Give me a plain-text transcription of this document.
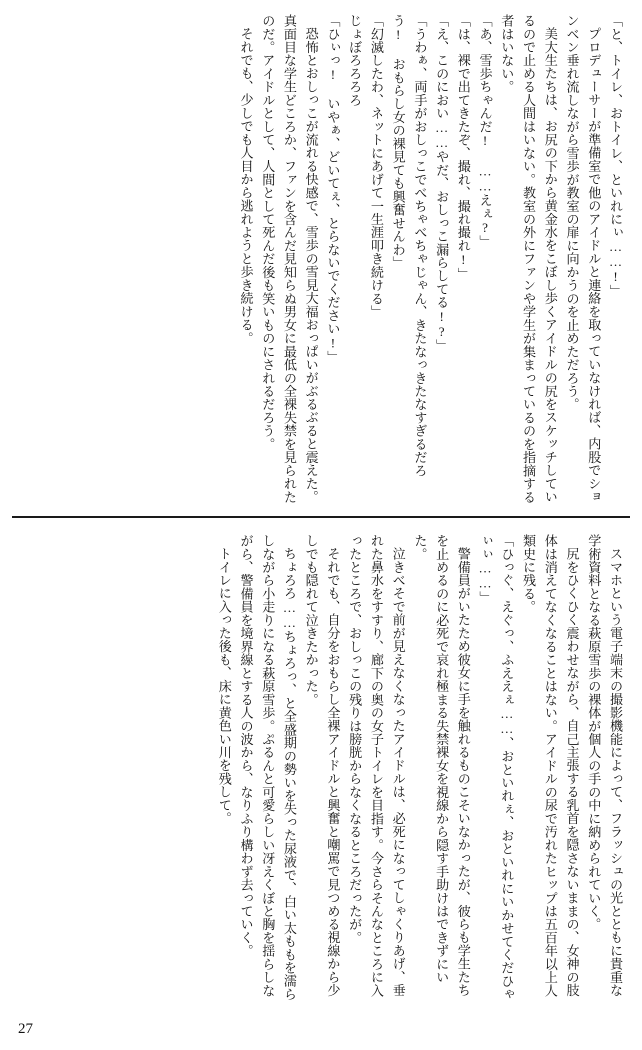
「と、トイレ、おトイレ、といれにぃ……!」

プロデューサーが準備室で他のアイドルと連絡を取っていなければ、内股でションベン垂れ流しながら雪歩が教室の扉に向かうのを止めただろう。

美大生たちは、お尻の下から黄金水をこぼし歩くアイドルの尻をスケッチしているので止める人間はいない。教室の外にファンや学生が集まっているのを指摘する者はいない。

「あ、雪歩ちゃんだ! ……えぇ?」

「は、裸で出てきたぞ、撮れ、撮れ撮れ!」

「え、このにおい……やだ、おしっこ漏らしてる!?」

「うわぁ、両手がおしっこでべちゃべちゃじゃん、きたなっきたなすぎるだろう! おもらし女の裸見ても興奮せんわ」

「幻滅したわ、ネットにあげて一生涯叩き続ける」

じょぼろろろろ

「ひぃっ! いやぁ、どいてぇ、とらないでください!」

恐怖とおしっこが流れる快感で、雪歩の雪見大福おっぱいがぶるぶると震えた。真面目な学生どころか、ファンを含んだ見知らぬ男女に最低の全裸失禁を見られたのだ。アイドルとして、人間として死んだ後も笑いものにされるだろう。

それでも、少しでも人目から逃れようと歩き続ける。

スマホという電子端末の撮影機能によって、フラッシュの光とともに貴重な学術資料となる萩原雪歩の裸体が個人の手の中に納められていく。

尻をひくひく震わせながら、自己主張する乳首を隠さないままの、女神の肢体は消えてなくなることはない。アイドルの尿で汚れたヒップは五百年以上人類史に残る。

「ひっぐ、えぐっ、ふええぇ……、おといれぇ、おといれにいかせてくだひゃぃぃ……」

警備員がいたため彼女に手を触れるものこそいなかったが、彼らも学生たちを止めるのに必死で哀れ極まる失禁裸女を視線から隠す手助けはできずにいた。

泣きべそで前が見えなくなったアイドルは、必死になってしゃくりあげ、垂れた鼻水をすすり、廊下の奥の女子トイレを目指す。今さらそんなところに入ったところで、おしっこの残りは膀胱からなくなるところだったが。

それでも、自分をおもらし全裸アイドルと興奮と嘲罵で見つめる視線から少しでも隠れて泣きたかった。

ちょろろ……ちょろっ、と全盛期の勢いを失った尿液で、白い太ももを濡らしながら小走りになる萩原雪歩。ぷるんと可愛らしい冴えくぼと胸を揺らしながら、警備員を境界線とする人の波から、なりふり構わず去っていく。

トイレに入った後も、床に黄色い川を残して。

27
